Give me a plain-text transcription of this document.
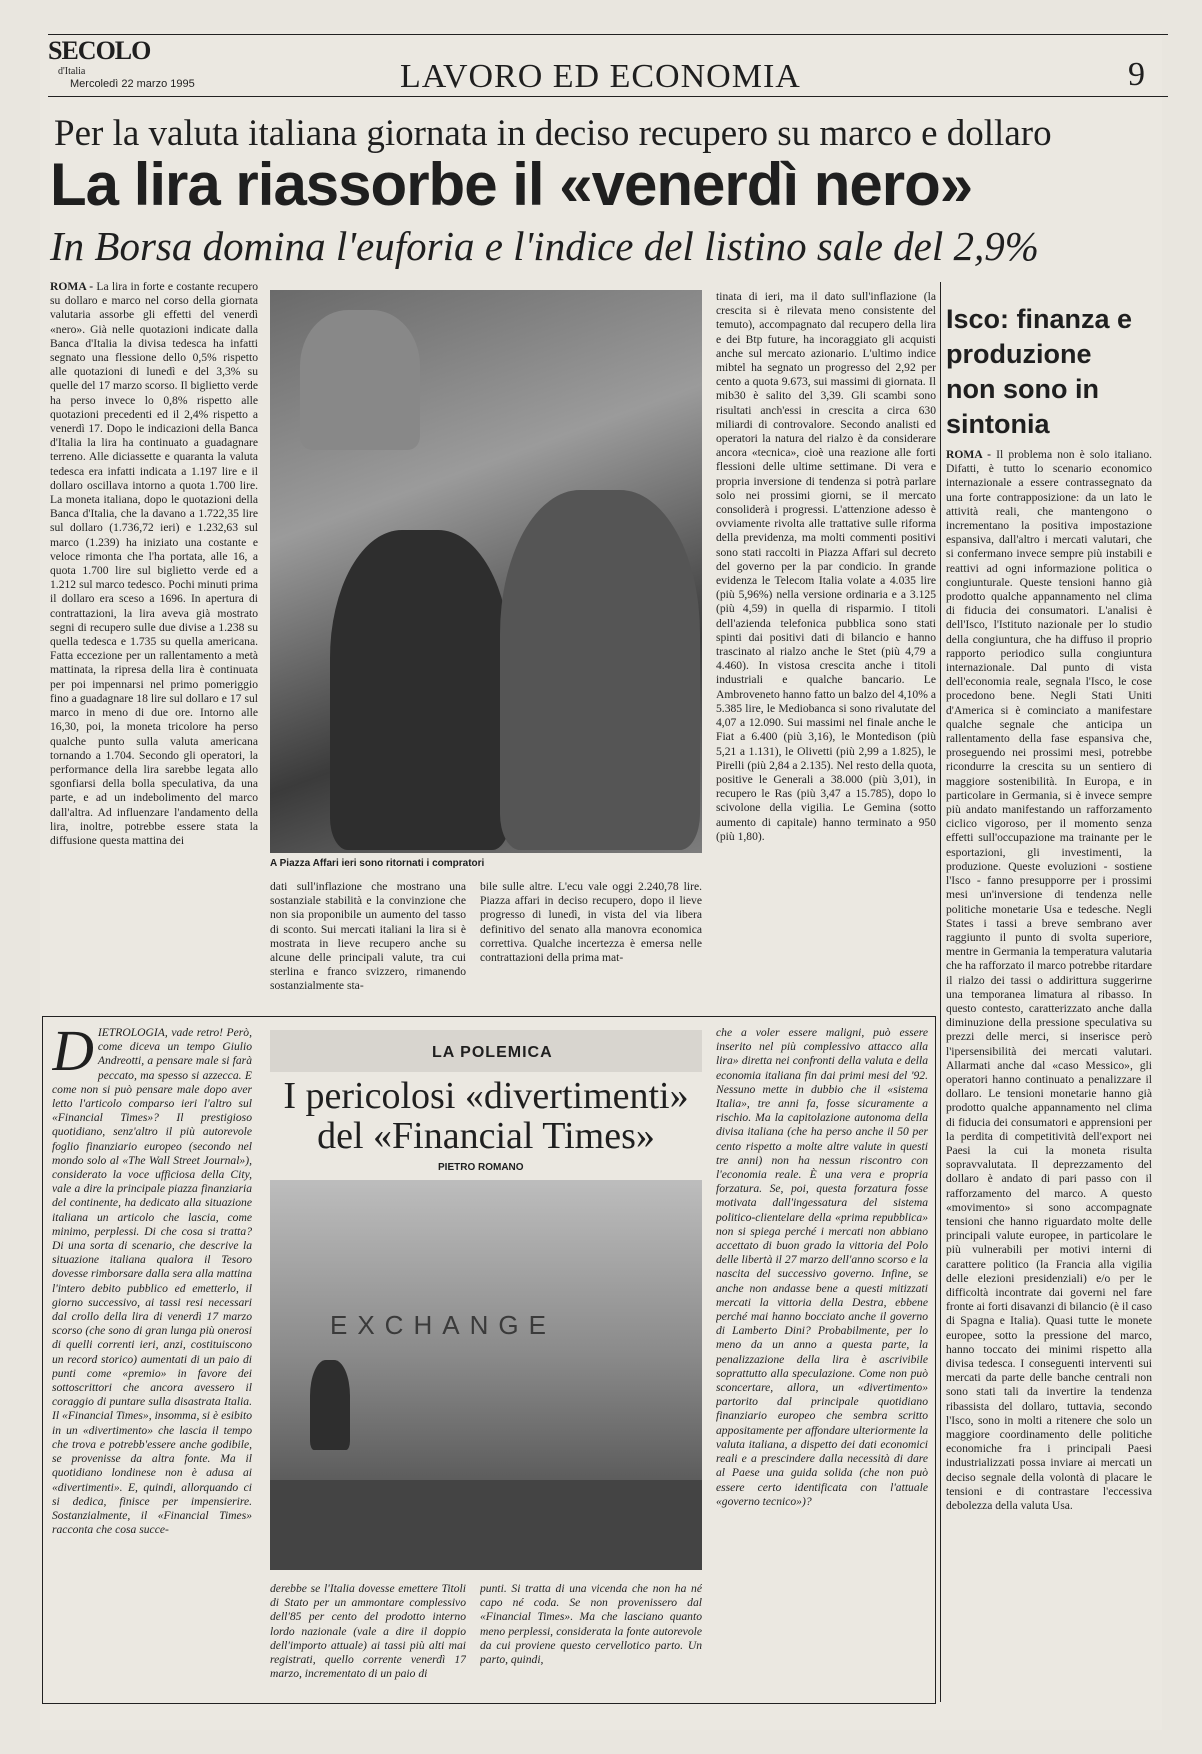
SECOLO
d'Italia
Mercoledì 22 marzo 1995	LAVORO ED ECONOMIA	9
Per la valuta italiana giornata in deciso recupero su marco e dollaro
La lira riassorbe il «venerdì nero»
In Borsa domina l'euforia e l'indice del listino sale del 2,9%
ROMA - La lira in forte e costante recupero su dollaro e marco nel corso della giornata valutaria assorbe gli effetti del venerdì «nero». Già nelle quotazioni indicate dalla Banca d'Italia la divisa tedesca ha infatti segnato una flessione dello 0,5% rispetto alle quotazioni di lunedì e del 3,3% su quelle del 17 marzo scorso. Il biglietto verde ha perso invece lo 0,8% rispetto alle quotazioni precedenti ed il 2,4% rispetto a venerdì 17. Dopo le indicazioni della Banca d'Italia la lira ha continuato a guadagnare terreno. Alle diciassette e quaranta la valuta tedesca era infatti indicata a 1.197 lire e il dollaro oscillava intorno a quota 1.700 lire. La moneta italiana, dopo le quotazioni della Banca d'Italia, che la davano a 1.722,35 lire sul dollaro (1.736,72 ieri) e 1.232,63 sul marco (1.239) ha iniziato una costante e veloce rimonta che l'ha portata, alle 16, a quota 1.700 lire sul biglietto verde ed a 1.212 sul marco tedesco. Pochi minuti prima il dollaro era sceso a 1696. In apertura di contrattazioni, la lira aveva già mostrato segni di recupero sulle due divise a 1.238 su quella tedesca e 1.735 su quella americana. Fatta eccezione per un rallentamento a metà mattinata, la ripresa della lira è continuata per poi impennarsi nel primo pomeriggio fino a guadagnare 18 lire sul dollaro e 17 sul marco in meno di due ore. Intorno alle 16,30, poi, la moneta tricolore ha perso qualche punto sulla valuta americana tornando a 1.704. Secondo gli operatori, la performance della lira sarebbe legata allo sgonfiarsi della bolla speculativa, da una parte, e ad un indebolimento del marco dall'altra. Ad influenzare l'andamento della lira, inoltre, potrebbe essere stata la diffusione questa mattina dei
A Piazza Affari ieri sono ritornati i compratori
dati sull'inflazione che mostrano una sostanziale stabilità e la convinzione che non sia proponibile un aumento del tasso di sconto. Sui mercati italiani la lira si è mostrata in lieve recupero anche su alcune delle principali valute, tra cui sterlina e franco svizzero, rimanendo sostanzialmente sta-
bile sulle altre. L'ecu vale oggi 2.240,78 lire. Piazza affari in deciso recupero, dopo il lieve progresso di lunedì, in vista del via libera definitivo del senato alla manovra economica correttiva. Qualche incertezza è emersa nelle contrattazioni della prima mat-
tinata di ieri, ma il dato sull'inflazione (la crescita si è rilevata meno consistente del temuto), accompagnato dal recupero della lira e dei Btp future, ha incoraggiato gli acquisti anche sul mercato azionario. L'ultimo indice mibtel ha segnato un progresso del 2,92 per cento a quota 9.673, sui massimi di giornata. Il mib30 è salito del 3,39. Gli scambi sono risultati anch'essi in crescita a circa 630 miliardi di controvalore. Secondo analisti ed operatori la natura del rialzo è da considerare ancora «tecnica», cioè una reazione alle forti flessioni delle ultime settimane. Di vera e propria inversione di tendenza si potrà parlare solo nei prossimi giorni, se il mercato consoliderà i progressi. L'attenzione adesso è ovviamente rivolta alle trattative sulle riforma della previdenza, ma molti commenti positivi sono stati raccolti in Piazza Affari sul decreto del governo per la par condicio. In grande evidenza le Telecom Italia volate a 4.035 lire (più 5,96%) nella versione ordinaria e a 3.125 (più 4,59) in quella di risparmio. I titoli dell'azienda telefonica pubblica sono stati spinti dai positivi dati di bilancio e hanno trascinato al rialzo anche le Stet (più 4,79 a 4.460). In vistosa crescita anche i titoli industriali e qualche bancario. Le Ambroveneto hanno fatto un balzo del 4,10% a 5.385 lire, le Mediobanca si sono rivalutate del 4,07 a 12.090. Sui massimi nel finale anche le Fiat a 6.400 (più 3,16), le Montedison (più 5,21 a 1.131), le Olivetti (più 2,99 a 1.825), le Pirelli (più 2,84 a 2.135). Nel resto della quota, positive le Generali a 38.000 (più 3,01), in recupero le Ras (più 3,47 a 15.785), dopo lo scivolone della vigilia. Le Gemina (sotto aumento di capitale) hanno terminato a 950 (più 1,80).
Isco: finanza e produzione non sono in sintonia
ROMA - Il problema non è solo italiano. Difatti, è tutto lo scenario economico internazionale a essere contrassegnato da una forte contrapposizione: da un lato le attività reali, che mantengono o incrementano la positiva impostazione espansiva, dall'altro i mercati valutari, che si confermano invece sempre più instabili e reattivi ad ogni informazione politica o congiunturale. Queste tensioni hanno già prodotto qualche appannamento nel clima di fiducia dei consumatori. L'analisi è dell'Isco, l'Istituto nazionale per lo studio della congiuntura, che ha diffuso il proprio rapporto periodico sulla congiuntura internazionale. Dal punto di vista dell'economia reale, segnala l'Isco, le cose procedono bene. Negli Stati Uniti d'America si è cominciato a manifestare qualche segnale che anticipa un rallentamento della fase espansiva che, proseguendo nei prossimi mesi, potrebbe ricondurre la crescita su un sentiero di maggiore sostenibilità. In Europa, e in particolare in Germania, si è invece sempre più andato manifestando un rafforzamento ciclico vigoroso, per il momento senza effetti sull'occupazione ma trainante per le esportazioni, gli investimenti, la produzione. Queste evoluzioni - sostiene l'Isco - fanno presupporre per i prossimi mesi un'inversione di tendenza nelle politiche monetarie Usa e tedesche. Negli States i tassi a breve sembrano aver raggiunto il punto di svolta superiore, mentre in Germania la temperatura valutaria che ha rafforzato il marco potrebbe ritardare il rialzo dei tassi o addirittura suggerirne una temporanea limatura al ribasso. In questo contesto, caratterizzato anche dalla diminuzione della pressione speculativa su prezzi delle merci, si inserisce però l'ipersensibilità dei mercati valutari. Allarmati anche dal «caso Messico», gli operatori hanno continuato a penalizzare il dollaro. Le tensioni monetarie hanno già prodotto qualche appannamento nel clima di fiducia dei consumatori e apprensioni per la perdita di competitività dell'export nei Paesi la cui la moneta risulta sopravvalutata. Il deprezzamento del dollaro è andato di pari passo con il rafforzamento del marco. A questo «movimento» si sono accompagnate tensioni che hanno riguardato molte delle principali valute europee, in particolare le più vulnerabili per motivi interni di carattere politico (la Francia alla vigilia delle elezioni presidenziali) e/o per le difficoltà incontrate dai governi nel fare fronte ai forti disavanzi di bilancio (è il caso di Spagna e Italia). Quasi tutte le monete europee, sotto la pressione del marco, hanno toccato dei minimi rispetto alla divisa tedesca. I conseguenti interventi sui mercati da parte delle banche centrali non sono stati tali da invertire la tendenza ribassista del dollaro, tuttavia, secondo l'Isco, sono in molti a ritenere che solo un maggiore coordinamento delle politiche economiche fra i principali Paesi industrializzati possa inviare ai mercati un deciso segnale della volontà di placare le tensioni e di contrastare l'eccessiva debolezza della valuta Usa.
D IETROLOGIA, vade retro! Però, come diceva un tempo Giulio Andreotti, a pensare male si farà peccato, ma spesso si azzecca. E come non si può pensare male dopo aver letto l'articolo comparso ieri l'altro sul «Financial Times»? Il prestigioso quotidiano, senz'altro il più autorevole foglio finanziario europeo (secondo nel mondo solo al «The Wall Street Journal»), considerato la voce ufficiosa della City, vale a dire la principale piazza finanziaria del continente, ha dedicato alla situazione italiana un articolo che lascia, come minimo, perplessi. Di che cosa si tratta? Di una sorta di scenario, che descrive la situazione italiana qualora il Tesoro dovesse rimborsare dalla sera alla mattina l'intero debito pubblico ed emetterlo, il giorno successivo, ai tassi resi necessari dal crollo della lira di venerdì 17 marzo scorso (che sono di gran lunga più onerosi di quelli correnti ieri, anzi, costituiscono un record storico) aumentati di un paio di punti come «premio» in favore dei sottoscrittori che ancora avessero il coraggio di puntare sulla disastrata Italia. Il «Financial Times», insomma, si è esibito in un «divertimento» che lascia il tempo che trova e potrebb'essere anche godibile, se provenisse da altra fonte. Ma il quotidiano londinese non è adusa ai «divertimenti». E, quindi, allorquando ci si dedica, finisce per impensierire. Sostanzialmente, il «Financial Times» racconta che cosa succe-
LA POLEMICA
I pericolosi «divertimenti»
del «Financial Times»
PIETRO ROMANO
EXCHANGE
derebbe se l'Italia dovesse emettere Titoli di Stato per un ammontare complessivo dell'85 per cento del prodotto interno lordo nazionale (vale a dire il doppio dell'importo attuale) ai tassi più alti mai registrati, quello corrente venerdì 17 marzo, incrementato di un paio di
punti. Si tratta di una vicenda che non ha né capo né coda. Se non provenissero dal «Financial Times». Ma che lasciano quanto meno perplessi, considerata la fonte autorevole da cui proviene questo cervellotico parto. Un parto, quindi,
che a voler essere maligni, può essere inserito nel più complessivo attacco alla lira» diretta nei confronti della valuta e della economia italiana fin dai primi mesi del '92. Nessuno mette in dubbio che il «sistema Italia», tre anni fa, fosse sicuramente a rischio. Ma la capitolazione autonoma della divisa italiana (che ha perso anche il 50 per cento rispetto a molte altre valute in questi tre anni) non ha nessun riscontro con l'economia reale. È una vera e propria forzatura. Se, poi, questa forzatura fosse motivata dall'ingessatura del sistema politico-clientelare della «prima repubblica» non si spiega perché i mercati non abbiano accettato di buon grado la vittoria del Polo delle libertà il 27 marzo dell'anno scorso e la nascita del successivo governo. Infine, se anche non andasse bene a questi mitizzati mercati la vittoria della Destra, ebbene perché mai hanno bocciato anche il governo di Lamberto Dini? Probabilmente, per lo meno da un anno a questa parte, la penalizzazione della lira è ascrivibile soprattutto alla speculazione. Come non può sconcertare, allora, un «divertimento» partorito dal principale quotidiano finanziario europeo che sembra scritto appositamente per affondare ulteriormente la valuta italiana, a dispetto dei dati economici reali e a prescindere dalla necessità di dare al Paese una guida solida (che non può essere certo identificata con l'attuale «governo tecnico»)?
